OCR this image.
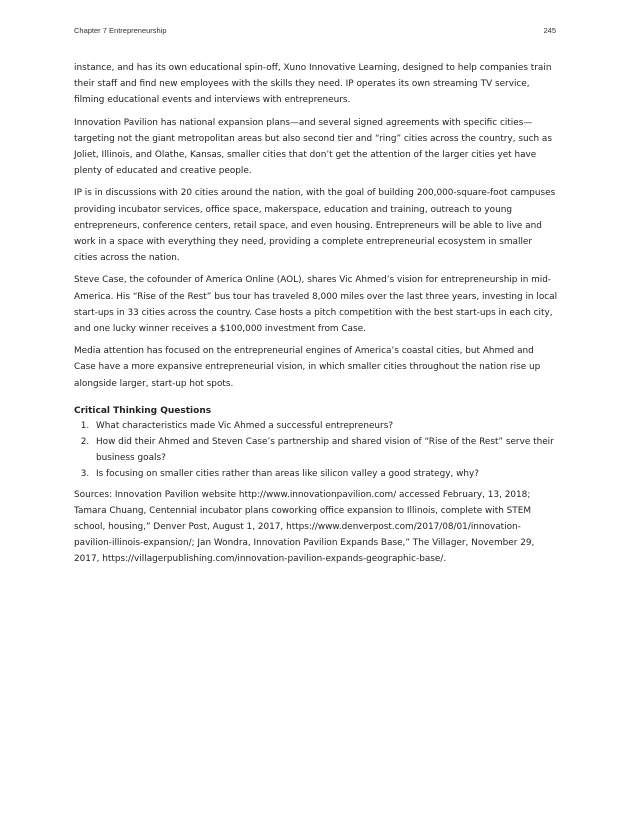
Chapter 7 Entrepreneurship	245

instance, and has its own educational spin-off, Xuno Innovative Learning, designed to help companies train their staff and find new employees with the skills they need. IP operates its own streaming TV service, filming educational events and interviews with entrepreneurs.

Innovation Pavilion has national expansion plans—and several signed agreements with specific cities—targeting not the giant metropolitan areas but also second tier and “ring” cities across the country, such as Joliet, Illinois, and Olathe, Kansas, smaller cities that don’t get the attention of the larger cities yet have plenty of educated and creative people.

IP is in discussions with 20 cities around the nation, with the goal of building 200,000-square-foot campuses providing incubator services, office space, makerspace, education and training, outreach to young entrepreneurs, conference centers, retail space, and even housing. Entrepreneurs will be able to live and work in a space with everything they need, providing a complete entrepreneurial ecosystem in smaller cities across the nation.

Steve Case, the cofounder of America Online (AOL), shares Vic Ahmed’s vision for entrepreneurship in mid-America. His “Rise of the Rest” bus tour has traveled 8,000 miles over the last three years, investing in local start-ups in 33 cities across the country. Case hosts a pitch competition with the best start-ups in each city, and one lucky winner receives a $100,000 investment from Case.

Media attention has focused on the entrepreneurial engines of America’s coastal cities, but Ahmed and Case have a more expansive entrepreneurial vision, in which smaller cities throughout the nation rise up alongside larger, start-up hot spots.

Critical Thinking Questions
1. What characteristics made Vic Ahmed a successful entrepreneurs?
2. How did their Ahmed and Steven Case’s partnership and shared vision of “Rise of the Rest” serve their business goals?
3. Is focusing on smaller cities rather than areas like silicon valley a good strategy, why?

Sources: Innovation Pavilion website http://www.innovationpavilion.com/ accessed February, 13, 2018; Tamara Chuang, Centennial incubator plans coworking office expansion to Illinois, complete with STEM school, housing,” Denver Post, August 1, 2017, https://www.denverpost.com/2017/08/01/innovation-pavilion-illinois-expansion/; Jan Wondra, Innovation Pavilion Expands Base,” The Villager, November 29, 2017, https://villagerpublishing.com/innovation-pavilion-expands-geographic-base/.
